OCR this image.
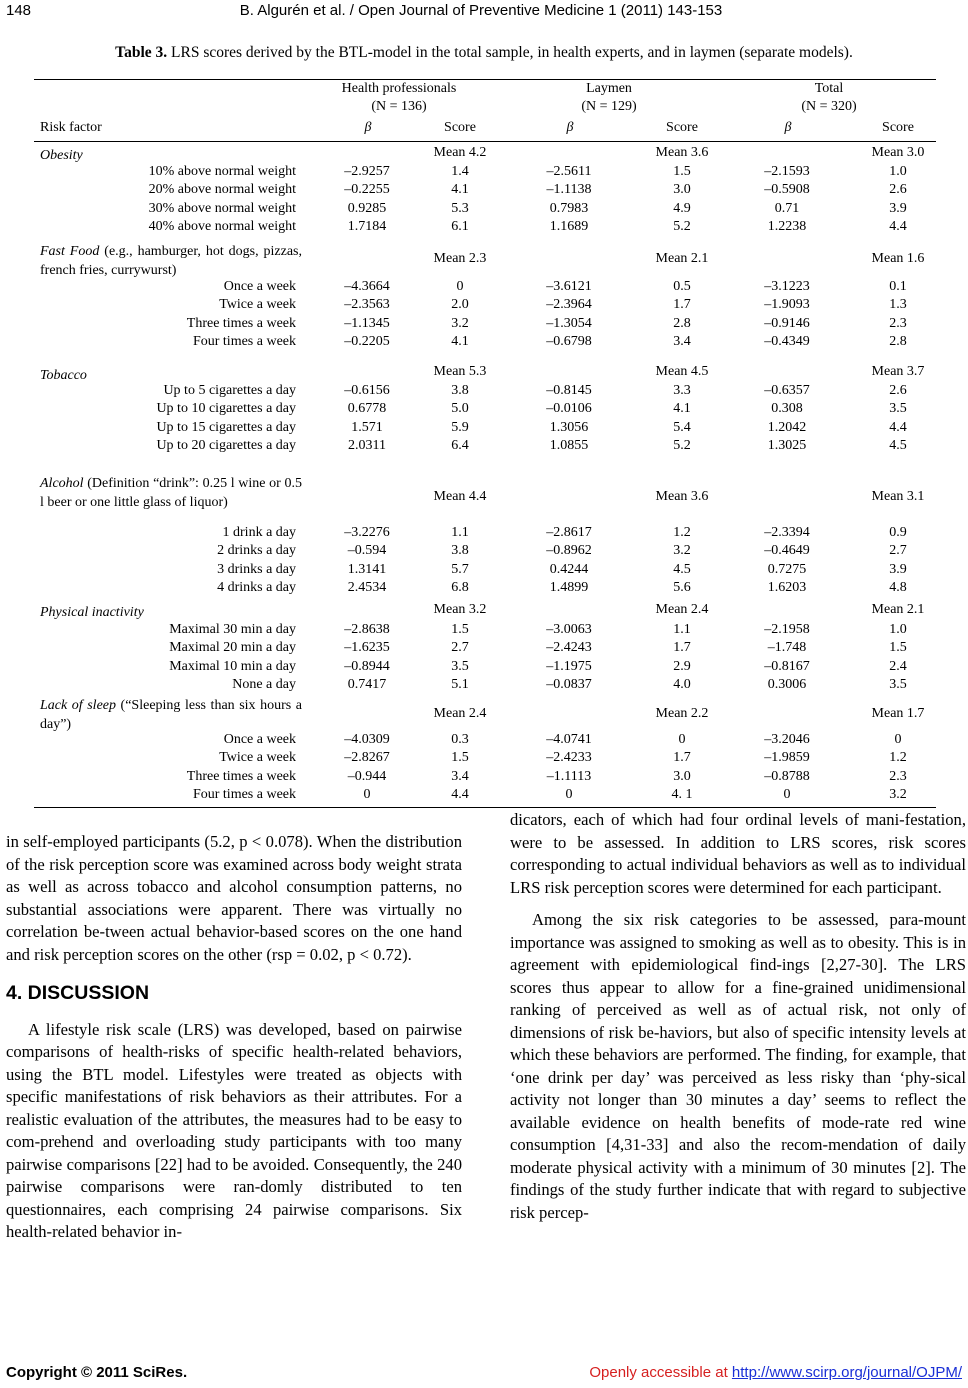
148	B. Algurén et al. / Open Journal of Preventive Medicine 1 (2011) 143-153
Table 3. LRS scores derived by the BTL-model in the total sample, in health experts, and in laymen (separate models).
Health professionals
(N = 136)
Laymen
(N = 129)
Total
(N = 320)
Risk factor	β	Score	β	Score	β	Score
Obesity	Mean 4.2	Mean 3.6	Mean 3.0
10% above normal weight	–2.9257	1.4	–2.5611	1.5	–2.1593	1.0
20% above normal weight	–0.2255	4.1	–1.1138	3.0	–0.5908	2.6
30% above normal weight	0.9285	5.3	0.7983	4.9	0.71	3.9
40% above normal weight	1.7184	6.1	1.1689	5.2	1.2238	4.4
Fast Food (e.g., hamburger, hot dogs, pizzas, french fries, currywurst)
Mean 2.3	Mean 2.1	Mean 1.6
Once a week	–4.3664	0	–3.6121	0.5	–3.1223	0.1
Twice a week	–2.3563	2.0	–2.3964	1.7	–1.9093	1.3
Three times a week	–1.1345	3.2	–1.3054	2.8	–0.9146	2.3
Four times a week	–0.2205	4.1	–0.6798	3.4	–0.4349	2.8
Tobacco	Mean 5.3	Mean 4.5	Mean 3.7
Up to 5 cigarettes a day	–0.6156	3.8	–0.8145	3.3	–0.6357	2.6
Up to 10 cigarettes a day	0.6778	5.0	–0.0106	4.1	0.308	3.5
Up to 15 cigarettes a day	1.571	5.9	1.3056	5.4	1.2042	4.4
Up to 20 cigarettes a day	2.0311	6.4	1.0855	5.2	1.3025	4.5
Alcohol (Definition “drink”: 0.25 l wine or 0.5 l beer or one little glass of liquor)	Mean 4.4	Mean 3.6	Mean 3.1
1 drink a day	–3.2276	1.1	–2.8617	1.2	–2.3394	0.9
2 drinks a day	–0.594	3.8	–0.8962	3.2	–0.4649	2.7
3 drinks a day	1.3141	5.7	0.4244	4.5	0.7275	3.9
4 drinks a day	2.4534	6.8	1.4899	5.6	1.6203	4.8
Physical inactivity	Mean 3.2	Mean 2.4	Mean 2.1
Maximal 30 min a day	–2.8638	1.5	–3.0063	1.1	–2.1958	1.0
Maximal 20 min a day	–1.6235	2.7	–2.4243	1.7	–1.748	1.5
Maximal 10 min a day	–0.8944	3.5	–1.1975	2.9	–0.8167	2.4
None a day	0.7417	5.1	–0.0837	4.0	0.3006	3.5
Lack of sleep (“Sleeping less than six hours a day”)
Mean 2.4	Mean 2.2	Mean 1.7
Once a week	–4.0309	0.3	–4.0741	0	–3.2046	0
Twice a week	–2.8267	1.5	–2.4233	1.7	–1.9859	1.2
Three times a week	–0.944	3.4	–1.1113	3.0	–0.8788	2.3
Four times a week	0	4.4	0	4. 1	0	3.2

in self-employed participants (5.2, p < 0.078). When the distribution of the risk perception score was examined across body weight strata as well as across tobacco and alcohol consumption patterns, no substantial associations were apparent. There was virtually no correlation be-tween actual behavior-based scores on the one hand and risk perception scores on the other (rsp = 0.02, p < 0.72).

4. DISCUSSION

A lifestyle risk scale (LRS) was developed, based on pairwise comparisons of health-risks of specific health-related behaviors, using the BTL model. Lifestyles were treated as objects with specific manifestations of risk behaviors as their attributes. For a realistic evaluation of the attributes, the measures had to be easy to com-prehend and overloading study participants with too many pairwise comparisons [22] had to be avoided. Consequently, the 240 pairwise comparisons were ran-domly distributed to ten questionnaires, each comprising 24 pairwise comparisons. Six health-related behavior in-

dicators, each of which had four ordinal levels of mani-festation, were to be assessed. In addition to LRS scores, risk scores corresponding to actual individual behaviors as well as to individual LRS risk perception scores were determined for each participant.

Among the six risk categories to be assessed, para-mount importance was assigned to smoking as well as to obesity. This is in agreement with epidemiological find-ings [2,27-30]. The LRS scores thus appear to allow for a fine-grained unidimensional ranking of perceived as well as of actual risk, not only of dimensions of risk be-haviors, but also of specific intensity levels at which these behaviors are performed. The finding, for example, that ‘one drink per day’ was perceived as less risky than ‘phy-sical activity not longer than 30 minutes a day’ seems to reflect the available evidence on health benefits of mode-rate red wine consumption [4,31-33] and also the recom-mendation of daily moderate physical activity with a minimum of 30 minutes [2]. The findings of the study further indicate that with regard to subjective risk percep-

Copyright © 2011 SciRes.	Openly accessible at http://www.scirp.org/journal/OJPM/
